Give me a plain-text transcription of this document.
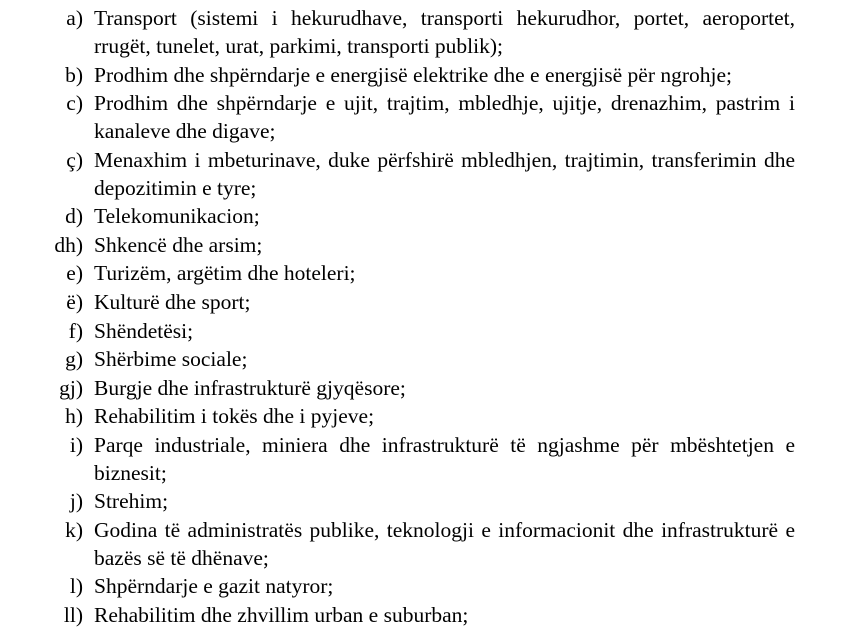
a) Transport (sistemi i hekurudhave, transporti hekurudhor, portet, aeroportet, rrugët, tunelet, urat, parkimi, transporti publik);
b) Prodhim dhe shpërndarje e energjisë elektrike dhe e energjisë për ngrohje;
c) Prodhim dhe shpërndarje e ujit, trajtim, mbledhje, ujitje, drenazhim, pastrim i kanaleve dhe digave;
ç) Menaxhim i mbeturinave, duke përfshirë mbledhjen, trajtimin, transferimin dhe depozitimin e tyre;
d) Telekomunikacion;
dh) Shkencë dhe arsim;
e) Turizëm, argëtim dhe hoteleri;
ë) Kulturë dhe sport;
f) Shëndetësi;
g) Shërbime sociale;
gj) Burgje dhe infrastrukturë gjyqësore;
h) Rehabilitim i tokës dhe i pyjeve;
i) Parqe industriale, miniera dhe infrastrukturë të ngjashme për mbështetjen e biznesit;
j) Strehim;
k) Godina të administratës publike, teknologji e informacionit dhe infrastrukturë e bazës së të dhënave;
l) Shpërndarje e gazit natyror;
ll) Rehabilitim dhe zhvillim urban e suburban;
